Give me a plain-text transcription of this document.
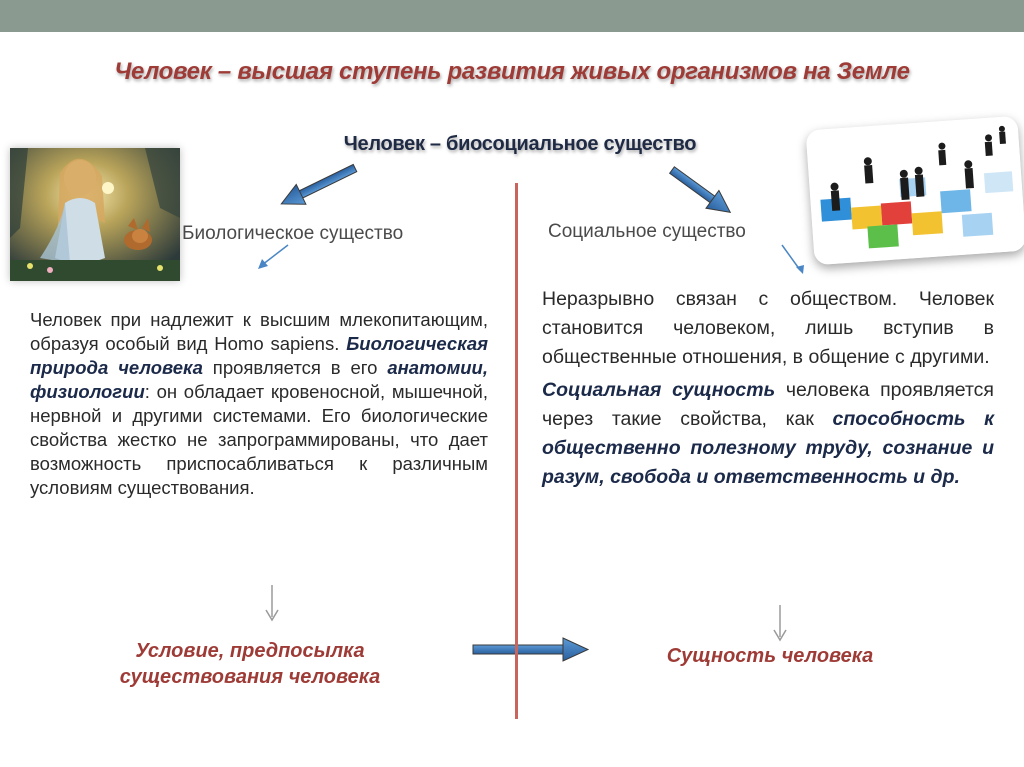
Человек – высшая ступень развития живых организмов на Земле
Человек – биосоциальное существо
Биологическое существо	Социальное существо

Человек при надлежит к высшим млекопитающим, образуя особый вид Homo sapiens. Биологическая природа человека проявляется в его анатомии, физиологии: он обладает кровеносной, мышечной, нервной и другими системами. Его биологические свойства жестко не запрограммированы, что дает возможность приспосабливаться к различным условиям существования.

Неразрывно связан с обществом. Человек становится человеком, лишь вступив в общественные отношения, в общение с другими.

Социальная сущность человека проявляется через такие свойства, как способность к общественно полезному труду, сознание и разум, свобода и ответственность и др.

Условие, предпосылка существования человека
Сущность человека
